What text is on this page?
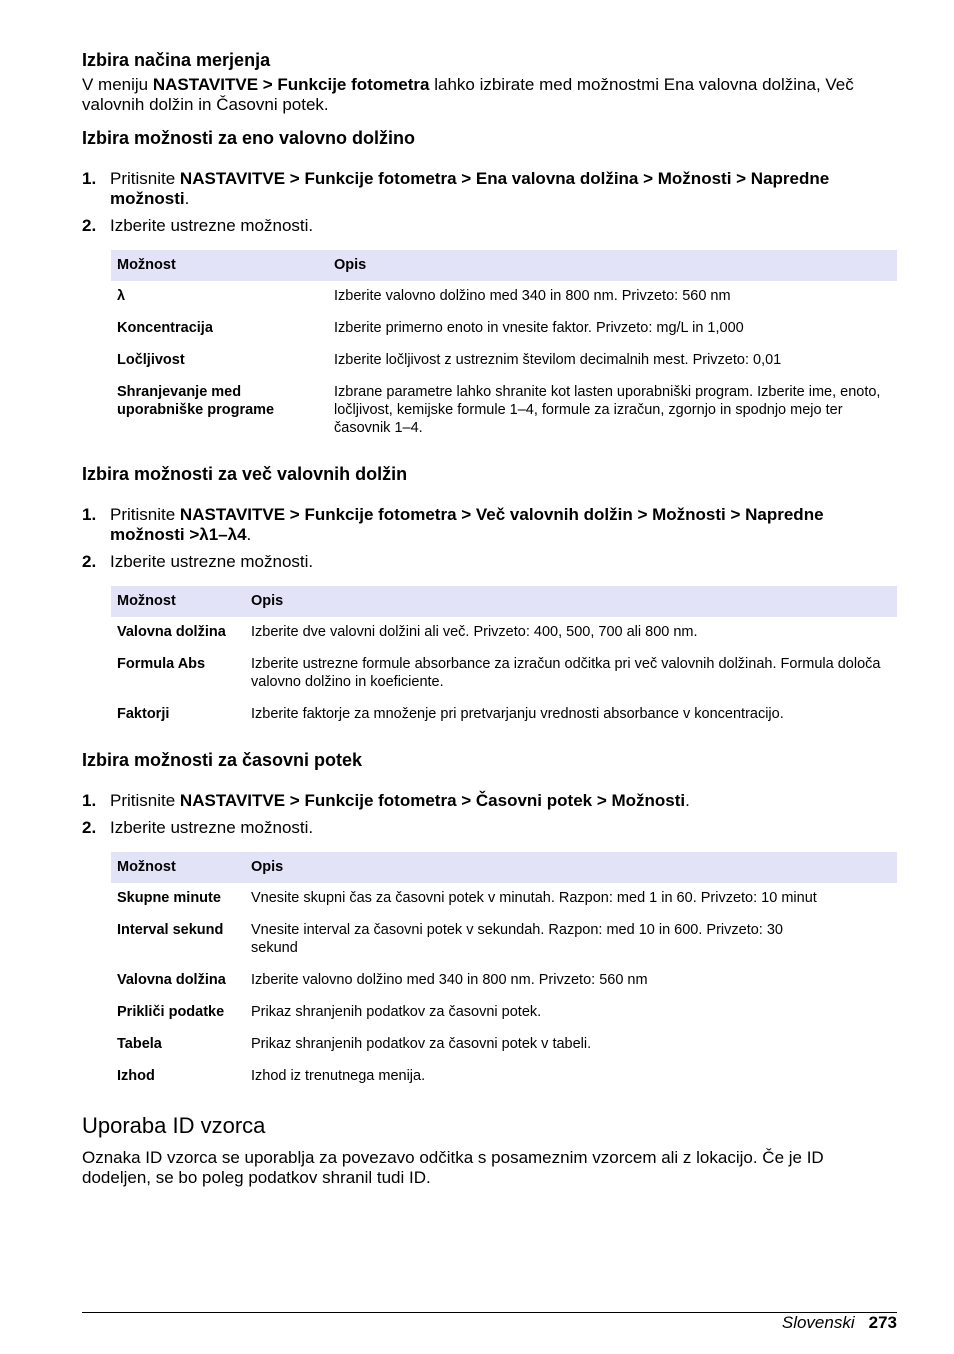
Izbira načina merjenja

V meniju NASTAVITVE > Funkcije fotometra lahko izbirate med možnostmi Ena valovna dolžina, Več valovnih dolžin in Časovni potek.

Izbira možnosti za eno valovno dolžino
1. Pritisnite NASTAVITVE > Funkcije fotometra > Ena valovna dolžina > Možnosti > Napredne možnosti.
2. Izberite ustrezne možnosti.
Možnost	Opis
λ	Izberite valovno dolžino med 340 in 800 nm. Privzeto: 560 nm
Koncentracija	Izberite primerno enoto in vnesite faktor. Privzeto: mg/L in 1,000
Ločljivost	Izberite ločljivost z ustreznim številom decimalnih mest. Privzeto: 0,01
Shranjevanje med uporabniške programe	Izbrane parametre lahko shranite kot lasten uporabniški program. Izberite ime, enoto, ločljivost, kemijske formule 1–4, formule za izračun, zgornjo in spodnjo mejo ter časovnik 1–4.
Izbira možnosti za več valovnih dolžin
1. Pritisnite NASTAVITVE > Funkcije fotometra > Več valovnih dolžin > Možnosti > Napredne možnosti >λ1–λ4.
2. Izberite ustrezne možnosti.
Možnost	Opis
Valovna dolžina	Izberite dve valovni dolžini ali več. Privzeto: 400, 500, 700 ali 800 nm.
Formula Abs	Izberite ustrezne formule absorbance za izračun odčitka pri več valovnih dolžinah. Formula določa valovno dolžino in koeficiente.
Faktorji	Izberite faktorje za množenje pri pretvarjanju vrednosti absorbance v koncentracijo.
Izbira možnosti za časovni potek
1. Pritisnite NASTAVITVE > Funkcije fotometra > Časovni potek > Možnosti.
2. Izberite ustrezne možnosti.
Možnost	Opis
Skupne minute	Vnesite skupni čas za časovni potek v minutah. Razpon: med 1 in 60. Privzeto: 10 minut
Interval sekund	Vnesite interval za časovni potek v sekundah. Razpon: med 10 in 600. Privzeto: 30 sekund
Valovna dolžina	Izberite valovno dolžino med 340 in 800 nm. Privzeto: 560 nm
Prikliči podatke	Prikaz shranjenih podatkov za časovni potek.
Tabela	Prikaz shranjenih podatkov za časovni potek v tabeli.
Izhod	Izhod iz trenutnega menija.
Uporaba ID vzorca

Oznaka ID vzorca se uporablja za povezavo odčitka s posameznim vzorcem ali z lokacijo. Če je ID dodeljen, se bo poleg podatkov shranil tudi ID.

Slovenski 273
